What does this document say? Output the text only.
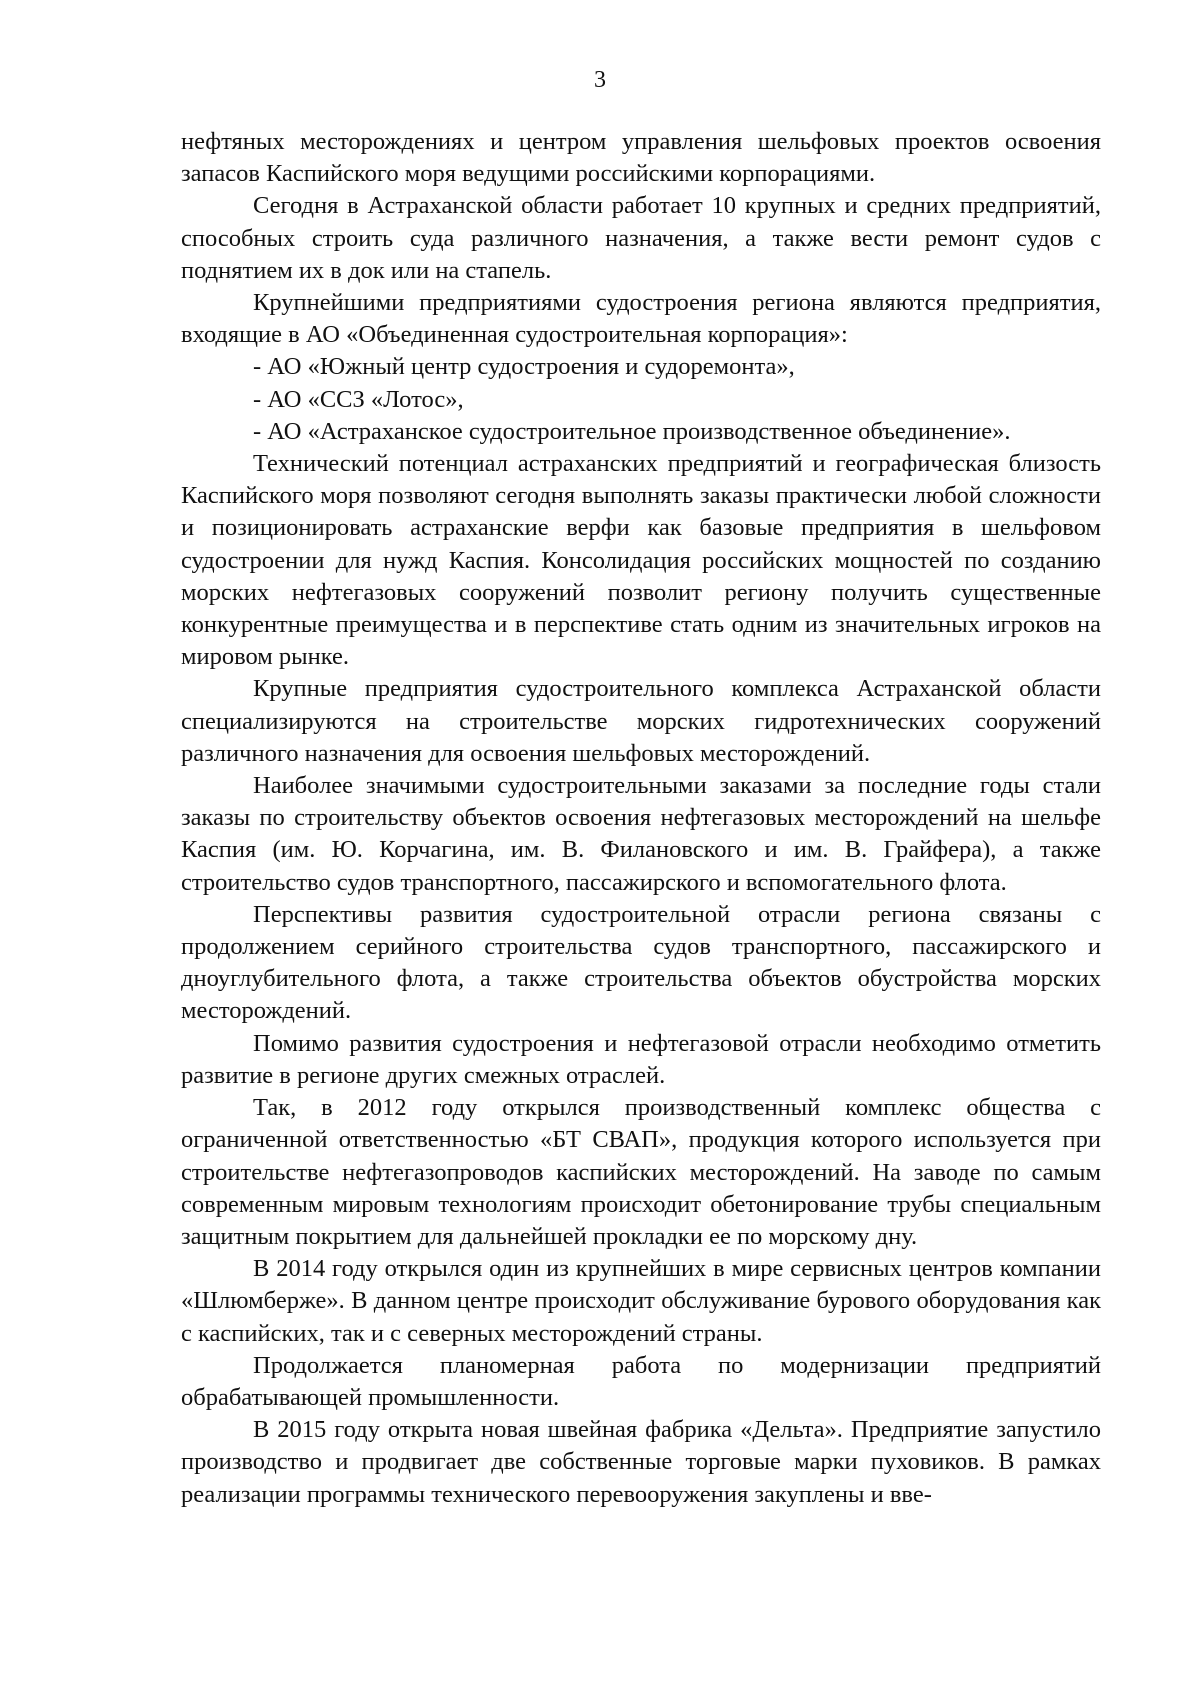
3

нефтяных месторождениях и центром управления шельфовых проектов освоения запасов Каспийского моря ведущими российскими корпорациями.

Сегодня в Астраханской области работает 10 крупных и средних предприятий, способных строить суда различного назначения, а также вести ремонт судов с поднятием их в док или на стапель.

Крупнейшими предприятиями судостроения региона являются предприятия, входящие в АО «Объединенная судостроительная корпорация»:

- АО «Южный центр судостроения и судоремонта»,

- АО «ССЗ «Лотос»,

- АО «Астраханское судостроительное производственное объединение».

Технический потенциал астраханских предприятий и географическая близость Каспийского моря позволяют сегодня выполнять заказы практически любой сложности и позиционировать астраханские верфи как базовые предприятия в шельфовом судостроении для нужд Каспия. Консолидация российских мощностей по созданию морских нефтегазовых сооружений позволит региону получить существенные конкурентные преимущества и в перспективе стать одним из значительных игроков на мировом рынке.

Крупные предприятия судостроительного комплекса Астраханской области специализируются на строительстве морских гидротехнических сооружений различного назначения для освоения шельфовых месторождений.

Наиболее значимыми судостроительными заказами за последние годы стали заказы по строительству объектов освоения нефтегазовых месторождений на шельфе Каспия (им. Ю. Корчагина, им. В. Филановского и им. В. Грайфера), а также строительство судов транспортного, пассажирского и вспомогательного флота.

Перспективы развития судостроительной отрасли региона связаны с продолжением серийного строительства судов транспортного, пассажирского и дноуглубительного флота, а также строительства объектов обустройства морских месторождений.

Помимо развития судостроения и нефтегазовой отрасли необходимо отметить развитие в регионе других смежных отраслей.

Так, в 2012 году открылся производственный комплекс общества с ограниченной ответственностью «БТ СВАП», продукция которого используется при строительстве нефтегазопроводов каспийских месторождений. На заводе по самым современным мировым технологиям происходит обетонирование трубы специальным защитным покрытием для дальнейшей прокладки ее по морскому дну.

В 2014 году открылся один из крупнейших в мире сервисных центров компании «Шлюмберже». В данном центре происходит обслуживание бурового оборудования как с каспийских, так и с северных месторождений страны.

Продолжается планомерная работа по модернизации предприятий обрабатывающей промышленности.

В 2015 году открыта новая швейная фабрика «Дельта». Предприятие запустило производство и продвигает две собственные торговые марки пуховиков. В рамках реализации программы технического перевооружения закуплены и вве-
